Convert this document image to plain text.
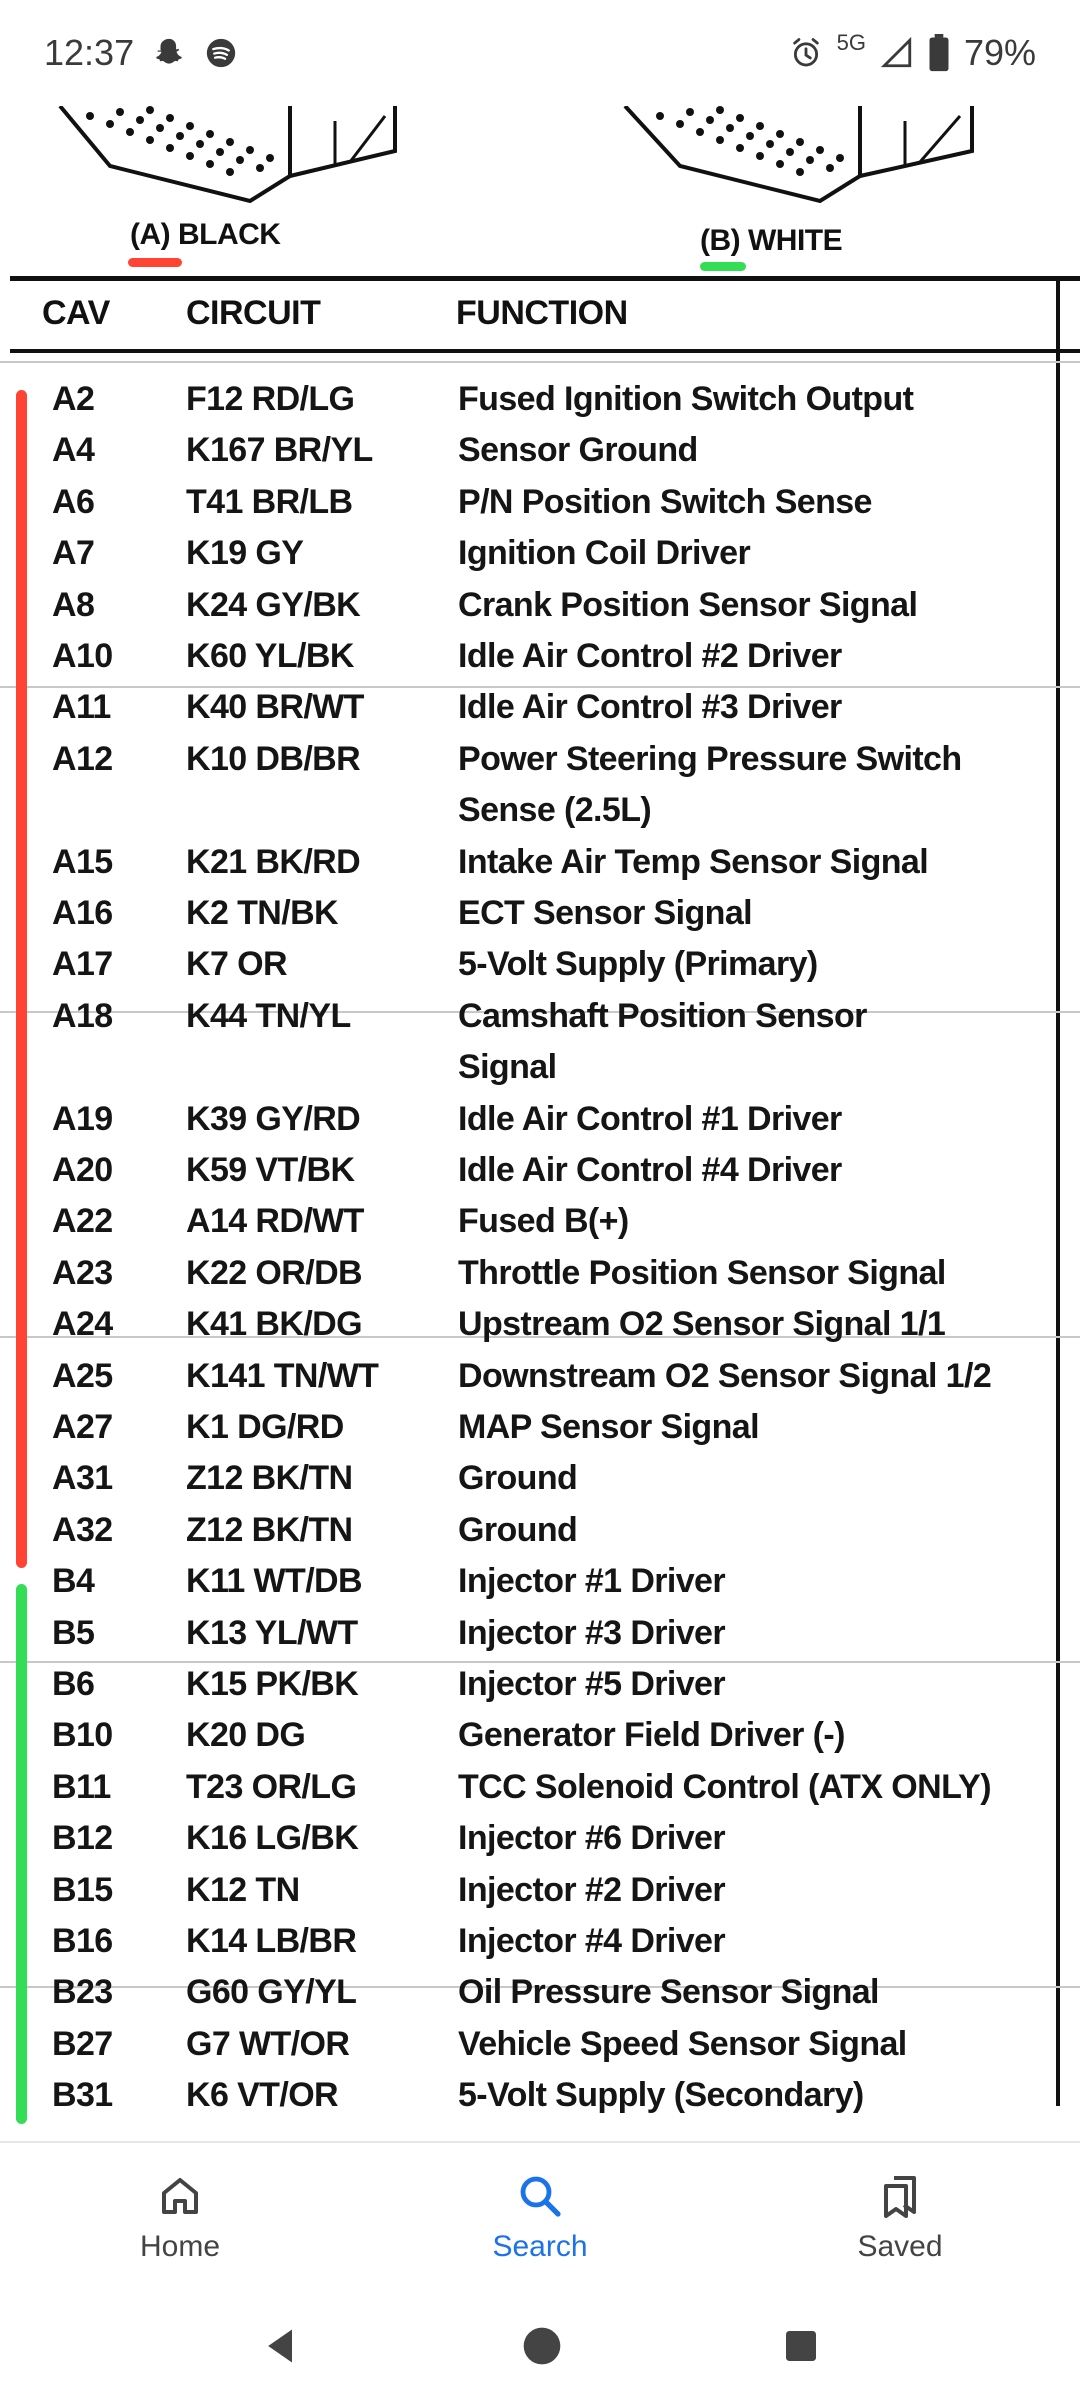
12:37	5G	79%
(A) BLACK	(B) WHITE
CAV CIRCUIT	FUNCTION
A2	F12 RD/LG	Fused Ignition Switch Output
A4	K167 BR/YL	Sensor Ground
A6	T41 BR/LB	P/N Position Switch Sense
A7	K19 GY	Ignition Coil Driver
A8	K24 GY/BK	Crank Position Sensor Signal
A10 K60 YL/BK	Idle Air Control #2 Driver
A11 K40 BR/WT	Idle Air Control #3 Driver
A12 K10 DB/BR	Power Steering Pressure Switch
Sense (2.5L)
A15 K21 BK/RD	Intake Air Temp Sensor Signal
A16 K2 TN/BK	ECT Sensor Signal
A17 K7 OR	5-Volt Supply (Primary)
A18 K44 TN/YL	Camshaft Position Sensor
Signal
A19 K39 GY/RD	Idle Air Control #1 Driver
A20 K59 VT/BK	Idle Air Control #4 Driver
A22 A14 RD/WT	Fused B(+)
A23 K22 OR/DB	Throttle Position Sensor Signal
A24 K41 BK/DG	Upstream O2 Sensor Signal 1/1
A25 K141 TN/WT Downstream O2 Sensor Signal 1/2
A27 K1 DG/RD	MAP Sensor Signal
A31 Z12 BK/TN	Ground
A32 Z12 BK/TN	Ground
B4	K11 WT/DB	Injector #1 Driver
B5	K13 YL/WT	Injector #3 Driver
B6	K15 PK/BK	Injector #5 Driver
B10 K20 DG	Generator Field Driver (-)
B11 T23 OR/LG	TCC Solenoid Control (ATX ONLY)
B12 K16 LG/BK	Injector #6 Driver
B15 K12 TN	Injector #2 Driver
B16 K14 LB/BR	Injector #4 Driver
B23 G60 GY/YL	Oil Pressure Sensor Signal
B27 G7 WT/OR	Vehicle Speed Sensor Signal
B31 K6 VT/OR	5-Volt Supply (Secondary)
Home	Search	Saved
